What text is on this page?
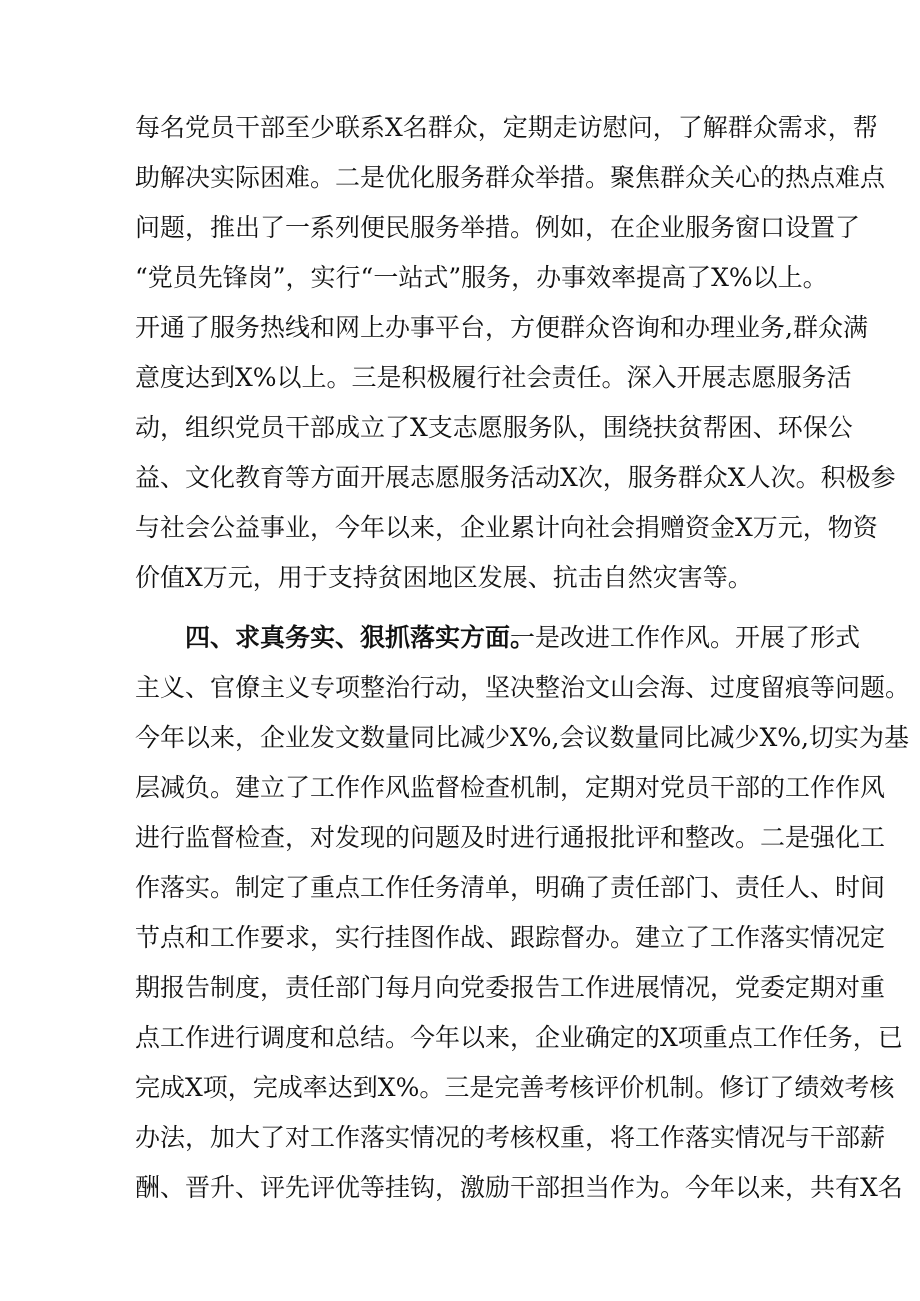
每名党员干部至少联系X名群众，定期走访慰问，了解群众需求，帮
助解决实际困难。二是优化服务群众举措。聚焦群众关心的热点难点
问题，推出了一系列便民服务举措。例如，在企业服务窗口设置了
“党员先锋岗”，实行“一站式”服务，办事效率提高了X%以上。
开通了服务热线和网上办事平台，方便群众咨询和办理业务,群众满
意度达到X%以上。三是积极履行社会责任。深入开展志愿服务活
动，组织党员干部成立了X支志愿服务队，围绕扶贫帮困、环保公
益、文化教育等方面开展志愿服务活动X次，服务群众X人次。积极参
与社会公益事业，今年以来，企业累计向社会捐赠资金X万元，物资
价值X万元，用于支持贫困地区发展、抗击自然灾害等。
四、求真务实、狠抓落实方面。
一是改进工作作风。开展了形式
主义、官僚主义专项整治行动，坚决整治文山会海、过度留痕等问题。
今年以来，企业发文数量同比减少X%,会议数量同比减少X%,切实为基
层减负。建立了工作作风监督检查机制，定期对党员干部的工作作风
进行监督检查，对发现的问题及时进行通报批评和整改。二是强化工
作落实。制定了重点工作任务清单，明确了责任部门、责任人、时间
节点和工作要求，实行挂图作战、跟踪督办。建立了工作落实情况定
期报告制度，责任部门每月向党委报告工作进展情况，党委定期对重
点工作进行调度和总结。今年以来，企业确定的X项重点工作任务，已
完成X项，完成率达到X%。三是完善考核评价机制。修订了绩效考核
办法，加大了对工作落实情况的考核权重，将工作落实情况与干部薪
酬、晋升、评先评优等挂钩，激励干部担当作为。今年以来，共有X名
